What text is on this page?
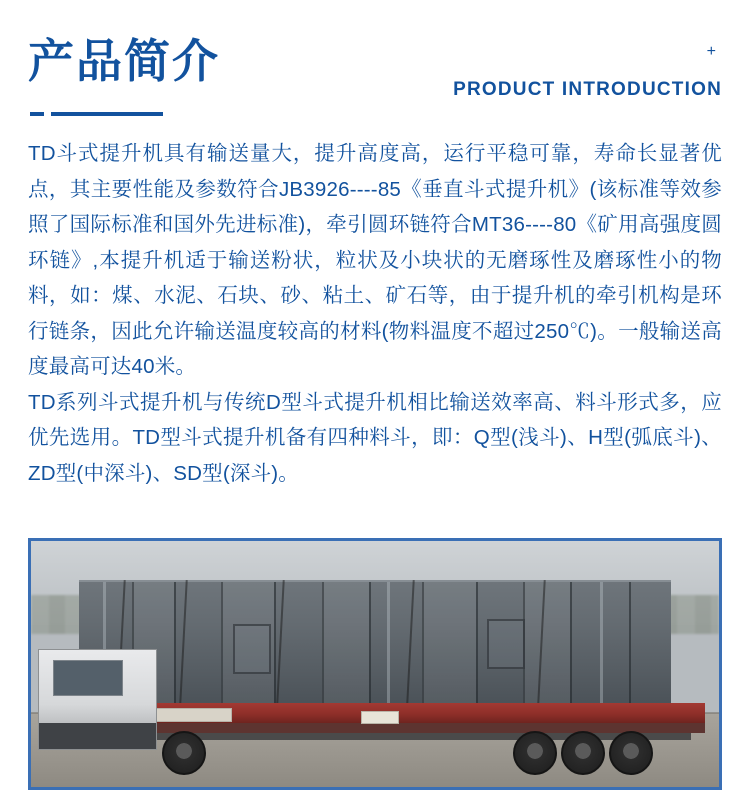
产品简介	+
PRODUCT INTRODUCTION

TD斗式提升机具有输送量大，提升高度高，运行平稳可靠，寿命长显著优点，其主要性能及参数符合JB3926----85《垂直斗式提升机》(该标准等效参照了国际标准和国外先进标准)，牵引圆环链符合MT36----80《矿用高强度圆环链》,本提升机适于输送粉状，粒状及小块状的无磨琢性及磨琢性小的物料，如：煤、水泥、石块、砂、粘土、矿石等，由于提升机的牵引机构是环行链条，因此允许输送温度较高的材料(物料温度不超过250℃)。一般输送高度最高可达40米。

TD系列斗式提升机与传统D型斗式提升机相比输送效率高、料斗形式多，应优先选用。TD型斗式提升机备有四种料斗，即：Q型(浅斗)、H型(弧底斗)、ZD型(中深斗)、SD型(深斗)。
